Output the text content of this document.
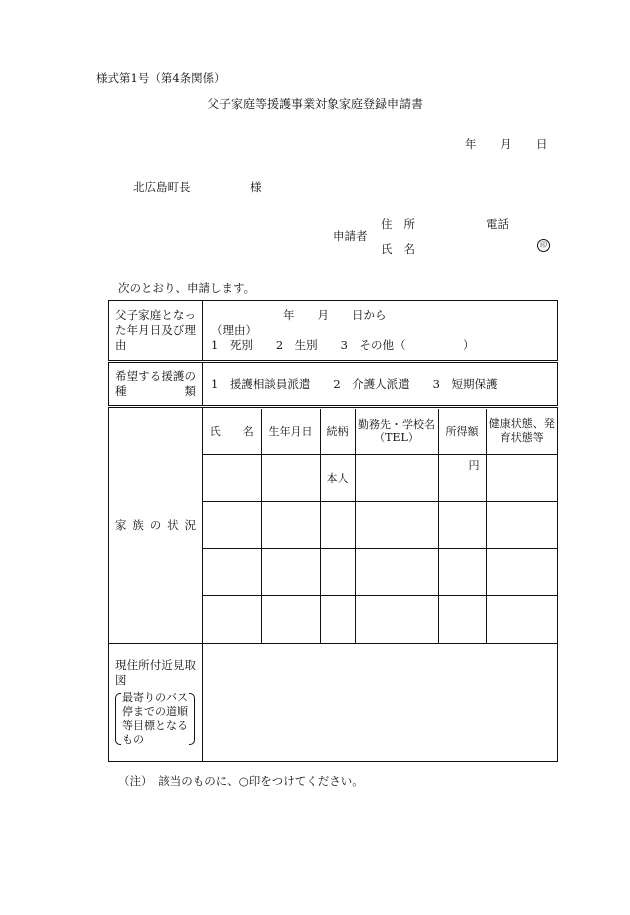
様式第1号（第4条関係）
父子家庭等援護事業対象家庭登録申請書
年 月 日
北広島町長	様
住所	電話
申請者
氏名	印
次のとおり、申請します。
父子家庭となった年月日及び理由	
年　　月　　日から
（理由）
1　死別　　2　生別　　3　その他（　　　　　）

希望する援護の種類	1　援護相談員派遣　　2　介護人派遣　　3　短期保護
家族の状況	
氏　　名	生年月日	続柄	勤務先・学校名（TEL）	所得額	健康状態、発育状態等
		本人		円	

現住所付近見取図
最寄りのバス停までの道順等目標となるもの	
（注）　該当のものに、○印をつけてください。
